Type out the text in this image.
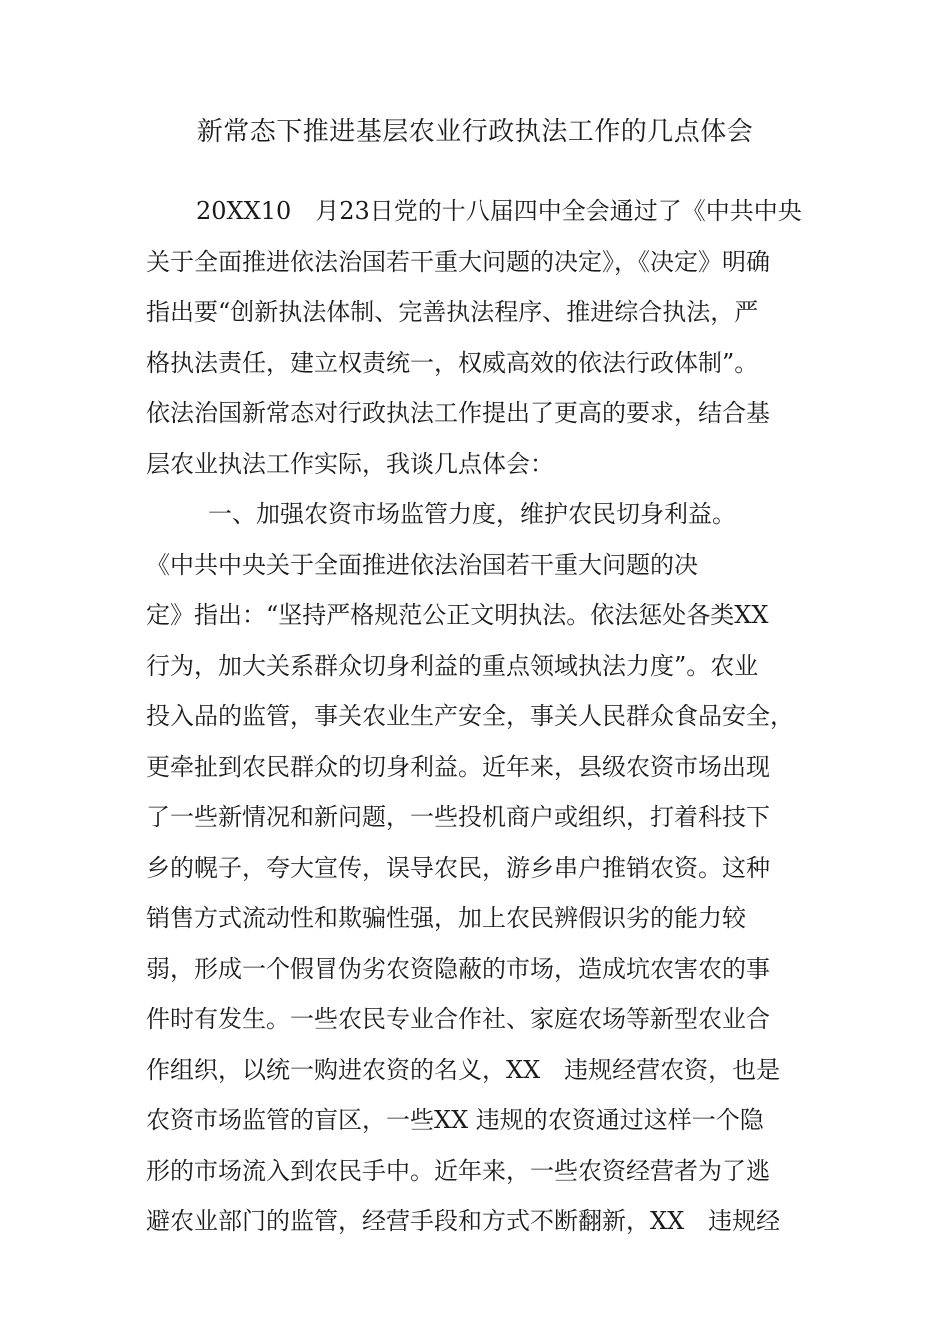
新常态下推进基层农业行政执法工作的几点体会
20XX10　月23日党的十八届四中全会通过了《中共中央
关于全面推进依法治国若干重大问题的决定》，《决定》明确
指出要“创新执法体制、完善执法程序、推进综合执法，严
格执法责任，建立权责统一，权威高效的依法行政体制”。
依法治国新常态对行政执法工作提出了更高的要求，结合基
层农业执法工作实际，我谈几点体会：
一、加强农资市场监管力度，维护农民切身利益。
《中共中央关于全面推进依法治国若干重大问题的决
定》指出：“坚持严格规范公正文明执法。依法惩处各类XX
行为，加大关系群众切身利益的重点领域执法力度”。农业
投入品的监管，事关农业生产安全，事关人民群众食品安全，
更牵扯到农民群众的切身利益。近年来，县级农资市场出现
了一些新情况和新问题，一些投机商户或组织，打着科技下
乡的幌子，夸大宣传，误导农民，游乡串户推销农资。这种
销售方式流动性和欺骗性强，加上农民辨假识劣的能力较
弱，形成一个假冒伪劣农资隐蔽的市场，造成坑农害农的事
件时有发生。一些农民专业合作社、家庭农场等新型农业合
作组织，以统一购进农资的名义，XX　违规经营农资，也是
农资市场监管的盲区，一些XX 违规的农资通过这样一个隐
形的市场流入到农民手中。近年来，一些农资经营者为了逃
避农业部门的监管，经营手段和方式不断翻新，XX　违规经
